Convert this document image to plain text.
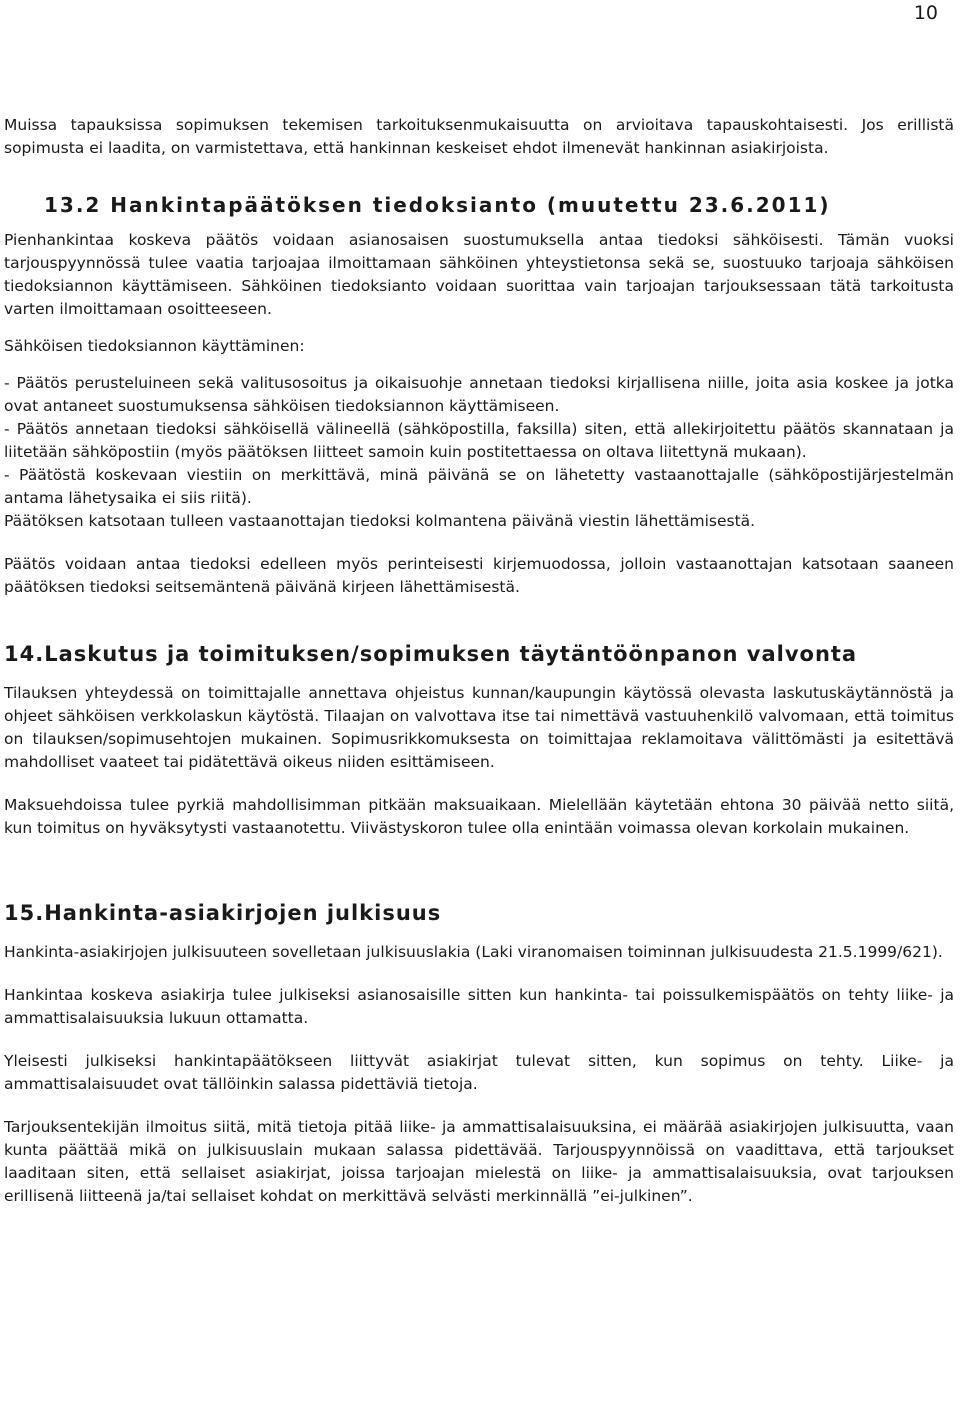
10

Muissa tapauksissa sopimuksen tekemisen tarkoituksenmukaisuutta on arvioitava tapauskohtaisesti. Jos erillistä sopimusta ei laadita, on varmistettava, että hankinnan keskeiset ehdot ilmenevät hankinnan asiakirjoista.

13.2 Hankintapäätöksen tiedoksianto (muutettu 23.6.2011)

Pienhankintaa koskeva päätös voidaan asianosaisen suostumuksella antaa tiedoksi sähköisesti. Tämän vuoksi tarjouspyynnössä tulee vaatia tarjoajaa ilmoittamaan sähköinen yhteystietonsa sekä se, suostuuko tarjoaja sähköisen tiedoksiannon käyttämiseen. Sähköinen tiedoksianto voidaan suorittaa vain tarjoajan tarjouksessaan tätä tarkoitusta varten ilmoittamaan osoitteeseen.

Sähköisen tiedoksiannon käyttäminen:

- Päätös perusteluineen sekä valitusosoitus ja oikaisuohje annetaan tiedoksi kirjallisena niille, joita asia koskee ja jotka ovat antaneet suostumuksensa sähköisen tiedoksiannon käyttämiseen.

- Päätös annetaan tiedoksi sähköisellä välineellä (sähköpostilla, faksilla) siten, että allekirjoitettu päätös skannataan ja liitetään sähköpostiin (myös päätöksen liitteet samoin kuin postitettaessa on oltava liitettynä mukaan).

- Päätöstä koskevaan viestiin on merkittävä, minä päivänä se on lähetetty vastaanottajalle (sähköpostijärjestelmän antama lähetysaika ei siis riitä).

Päätöksen katsotaan tulleen vastaanottajan tiedoksi kolmantena päivänä viestin lähettämisestä.

Päätös voidaan antaa tiedoksi edelleen myös perinteisesti kirjemuodossa, jolloin vastaanottajan katsotaan saaneen päätöksen tiedoksi seitsemäntenä päivänä kirjeen lähettämisestä.

14.Laskutus ja toimituksen/sopimuksen täytäntöönpanon valvonta

Tilauksen yhteydessä on toimittajalle annettava ohjeistus kunnan/kaupungin käytössä olevasta laskutuskäytännöstä ja ohjeet sähköisen verkkolaskun käytöstä. Tilaajan on valvottava itse tai nimettävä vastuuhenkilö valvomaan, että toimitus on tilauksen/sopimusehtojen mukainen. Sopimusrikkomuksesta on toimittajaa reklamoitava välittömästi ja esitettävä mahdolliset vaateet tai pidätettävä oikeus niiden esittämiseen.

Maksuehdoissa tulee pyrkiä mahdollisimman pitkään maksuaikaan. Mielellään käytetään ehtona 30 päivää netto siitä, kun toimitus on hyväksytysti vastaanotettu. Viivästyskoron tulee olla enintään voimassa olevan korkolain mukainen.

15.Hankinta-asiakirjojen julkisuus

Hankinta-asiakirjojen julkisuuteen sovelletaan julkisuuslakia (Laki viranomaisen toiminnan julkisuudesta 21.5.1999/621).

Hankintaa koskeva asiakirja tulee julkiseksi asianosaisille sitten kun hankinta- tai poissulkemispäätös on tehty liike- ja ammattisalaisuuksia lukuun ottamatta.

Yleisesti julkiseksi hankintapäätökseen liittyvät asiakirjat tulevat sitten, kun sopimus on tehty. Liike- ja ammattisalaisuudet ovat tällöinkin salassa pidettäviä tietoja.

Tarjouksentekijän ilmoitus siitä, mitä tietoja pitää liike- ja ammattisalaisuuksina, ei määrää asiakirjojen julkisuutta, vaan kunta päättää mikä on julkisuuslain mukaan salassa pidettävää. Tarjouspyynnöissä on vaadittava, että tarjoukset laaditaan siten, että sellaiset asiakirjat, joissa tarjoajan mielestä on liike- ja ammattisalaisuuksia, ovat tarjouksen erillisenä liitteenä ja/tai sellaiset kohdat on merkittävä selvästi merkinnällä ”ei-julkinen”.
